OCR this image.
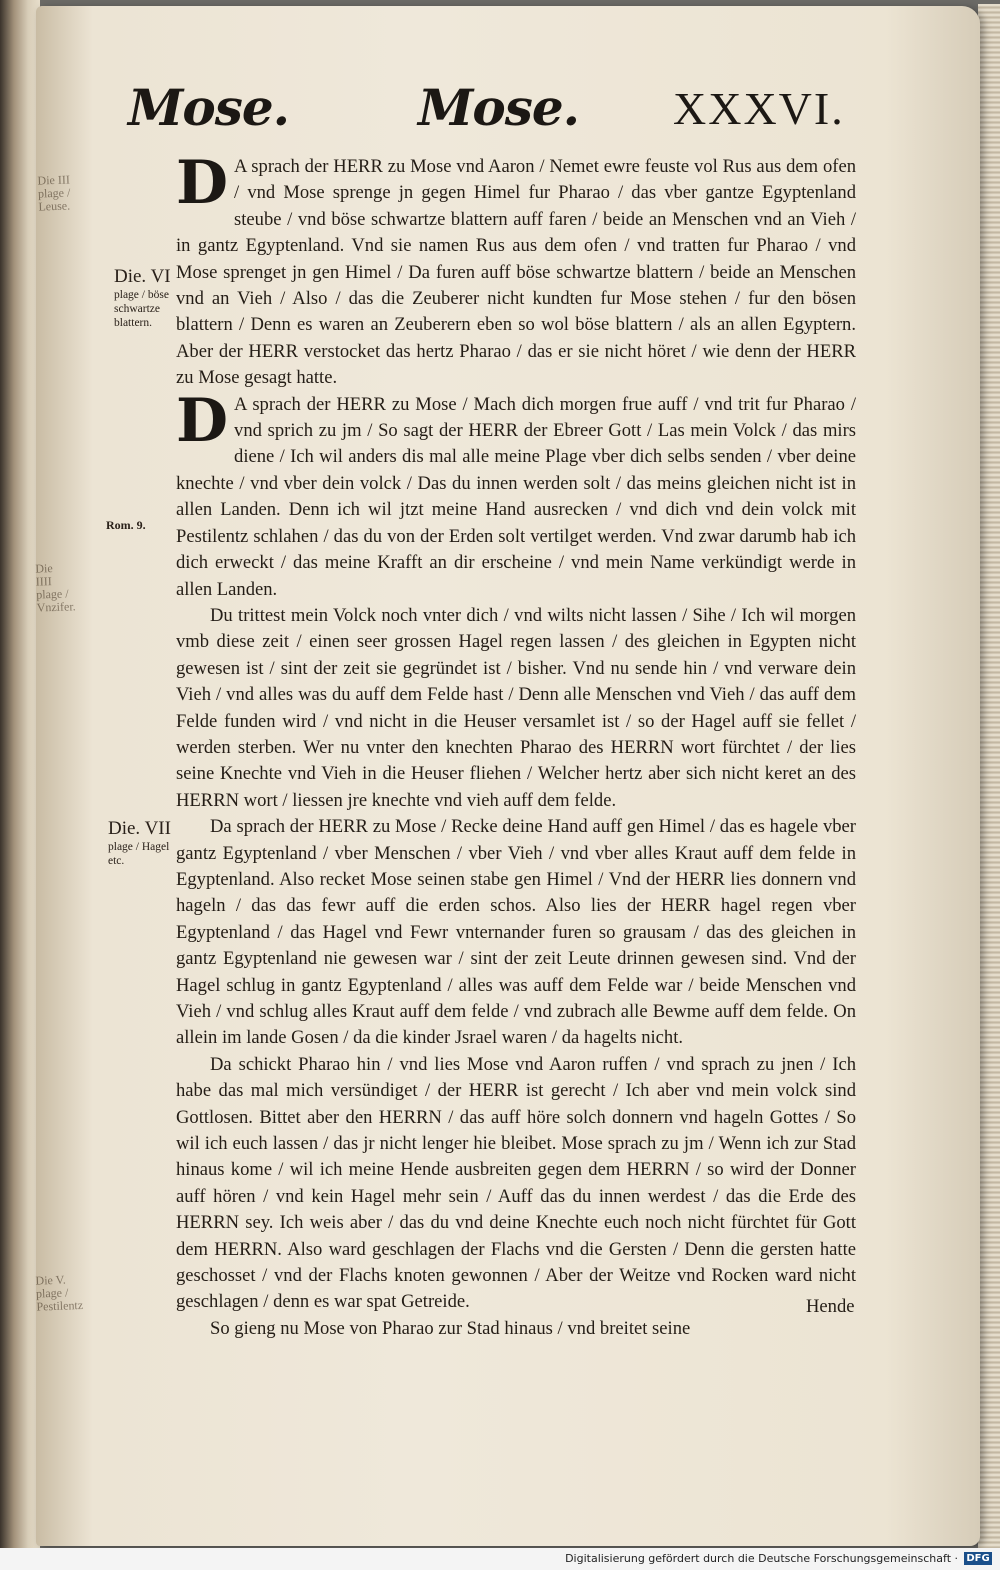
Die III plage / Leuse.
Die IIII plage / Vnzifer.
Die V. plage / Pestilentz
Mose.	Mose. XXXVI.
Die. VI
plage / böse schwartze blattern.
Rom. 9.
Die. VII
plage / Hagel etc.

D A sprach der HERR zu Mose vnd Aaron / Nemet ewre feuste vol Rus aus dem ofen / vnd Mose sprenge jn gegen Himel fur Pharao / das vber gantze Egyptenland steube / vnd böse schwartze blattern auff faren / beide an Menschen vnd an Vieh / in gantz Egyptenland. Vnd sie namen Rus aus dem ofen / vnd tratten fur Pharao / vnd Mose sprenget jn gen Himel / Da furen auff böse schwartze blattern / beide an Menschen vnd an Vieh / Also / das die Zeuberer nicht kundten fur Mose stehen / fur den bösen blattern / Denn es waren an Zeuberern eben so wol böse blattern / als an allen Egyptern. Aber der HERR verstocket das hertz Pharao / das er sie nicht höret / wie denn der HERR zu Mose gesagt hatte.

D A sprach der HERR zu Mose / Mach dich morgen frue auff / vnd trit fur Pharao / vnd sprich zu jm / So sagt der HERR der Ebreer Gott / Las mein Volck / das mirs diene / Ich wil anders dis mal alle meine Plage vber dich selbs senden / vber deine knechte / vnd vber dein volck / Das du innen werden solt / das meins gleichen nicht ist in allen Landen. Denn ich wil jtzt meine Hand ausrecken / vnd dich vnd dein volck mit Pestilentz schlahen / das du von der Erden solt vertilget werden. Vnd zwar darumb hab ich dich erweckt / das meine Krafft an dir erscheine / vnd mein Name verkündigt werde in allen Landen.

Du trittest mein Volck noch vnter dich / vnd wilts nicht lassen / Sihe / Ich wil morgen vmb diese zeit / einen seer grossen Hagel regen lassen / des gleichen in Egypten nicht gewesen ist / sint der zeit sie gegründet ist / bisher. Vnd nu sende hin / vnd verware dein Vieh / vnd alles was du auff dem Felde hast / Denn alle Menschen vnd Vieh / das auff dem Felde funden wird / vnd nicht in die Heuser versamlet ist / so der Hagel auff sie fellet / werden sterben. Wer nu vnter den knechten Pharao des HERRN wort fürchtet / der lies seine Knechte vnd Vieh in die Heuser fliehen / Welcher hertz aber sich nicht keret an des HERRN wort / liessen jre knechte vnd vieh auff dem felde.

Da sprach der HERR zu Mose / Recke deine Hand auff gen Himel / das es hagele vber gantz Egyptenland / vber Menschen / vber Vieh / vnd vber alles Kraut auff dem felde in Egyptenland. Also recket Mose seinen stabe gen Himel / Vnd der HERR lies donnern vnd hageln / das das fewr auff die erden schos. Also lies der HERR hagel regen vber Egyptenland / das Hagel vnd Fewr vnternander furen so grausam / das des gleichen in gantz Egyptenland nie gewesen war / sint der zeit Leute drinnen gewesen sind. Vnd der Hagel schlug in gantz Egyptenland / alles was auff dem Felde war / beide Menschen vnd Vieh / vnd schlug alles Kraut auff dem felde / vnd zubrach alle Bewme auff dem felde. On allein im lande Gosen / da die kinder Jsrael waren / da hagelts nicht.

Da schickt Pharao hin / vnd lies Mose vnd Aaron ruffen / vnd sprach zu jnen / Ich habe das mal mich versündiget / der HERR ist gerecht / Ich aber vnd mein volck sind Gottlosen. Bittet aber den HERRN / das auff höre solch donnern vnd hageln Gottes / So wil ich euch lassen / das jr nicht lenger hie bleibet. Mose sprach zu jm / Wenn ich zur Stad hinaus kome / wil ich meine Hende ausbreiten gegen dem HERRN / so wird der Donner auff hören / vnd kein Hagel mehr sein / Auff das du innen werdest / das die Erde des HERRN sey. Ich weis aber / das du vnd deine Knechte euch noch nicht fürchtet für Gott dem HERRN. Also ward geschlagen der Flachs vnd die Gersten / Denn die gersten hatte geschosset / vnd der Flachs knoten gewonnen / Aber der Weitze vnd Rocken ward nicht geschlagen / denn es war spat Getreide.

So gieng nu Mose von Pharao zur Stad hinaus / vnd breitet seine

Hende
Digitalisierung gefördert durch die Deutsche Forschungsgemeinschaft · DFG
